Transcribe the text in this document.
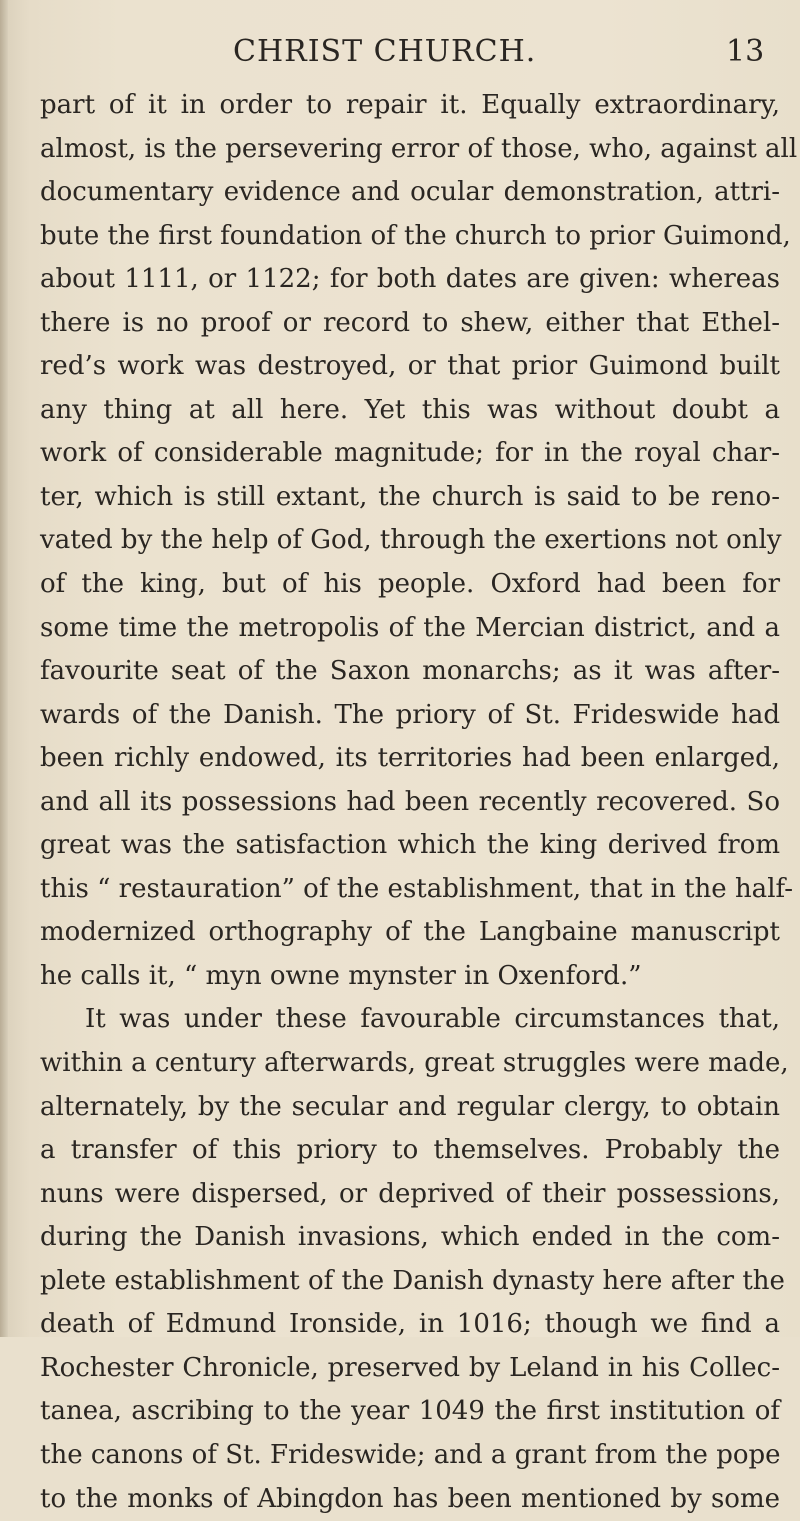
CHRIST CHURCH.	13
part of it in order to repair it. Equally extraordinary,
almost, is the persevering error of those, who, against all
documentary evidence and ocular demonstration, attri-
bute the first foundation of the church to prior Guimond,
about 1111, or 1122; for both dates are given: whereas
there is no proof or record to shew, either that Ethel-
red’s work was destroyed, or that prior Guimond built
any thing at all here. Yet this was without doubt a
work of considerable magnitude; for in the royal char-
ter, which is still extant, the church is said to be reno-
vated by the help of God, through the exertions not only
of the king, but of his people. Oxford had been for
some time the metropolis of the Mercian district, and a
favourite seat of the Saxon monarchs; as it was after-
wards of the Danish. The priory of St. Frideswide had
been richly endowed, its territories had been enlarged,
and all its possessions had been recently recovered. So
great was the satisfaction which the king derived from
this “ restauration” of the establishment, that in the half-
modernized orthography of the Langbaine manuscript
he calls it, “ myn owne mynster in Oxenford.”
It was under these favourable circumstances that,
within a century afterwards, great struggles were made,
alternately, by the secular and regular clergy, to obtain
a transfer of this priory to themselves. Probably the
nuns were dispersed, or deprived of their possessions,
during the Danish invasions, which ended in the com-
plete establishment of the Danish dynasty here after the
death of Edmund Ironside, in 1016; though we find a
Rochester Chronicle, preserved by Leland in his Collec-
tanea, ascribing to the year 1049 the first institution of
the canons of St. Frideswide; and a grant from the pope
to the monks of Abingdon has been mentioned by some
